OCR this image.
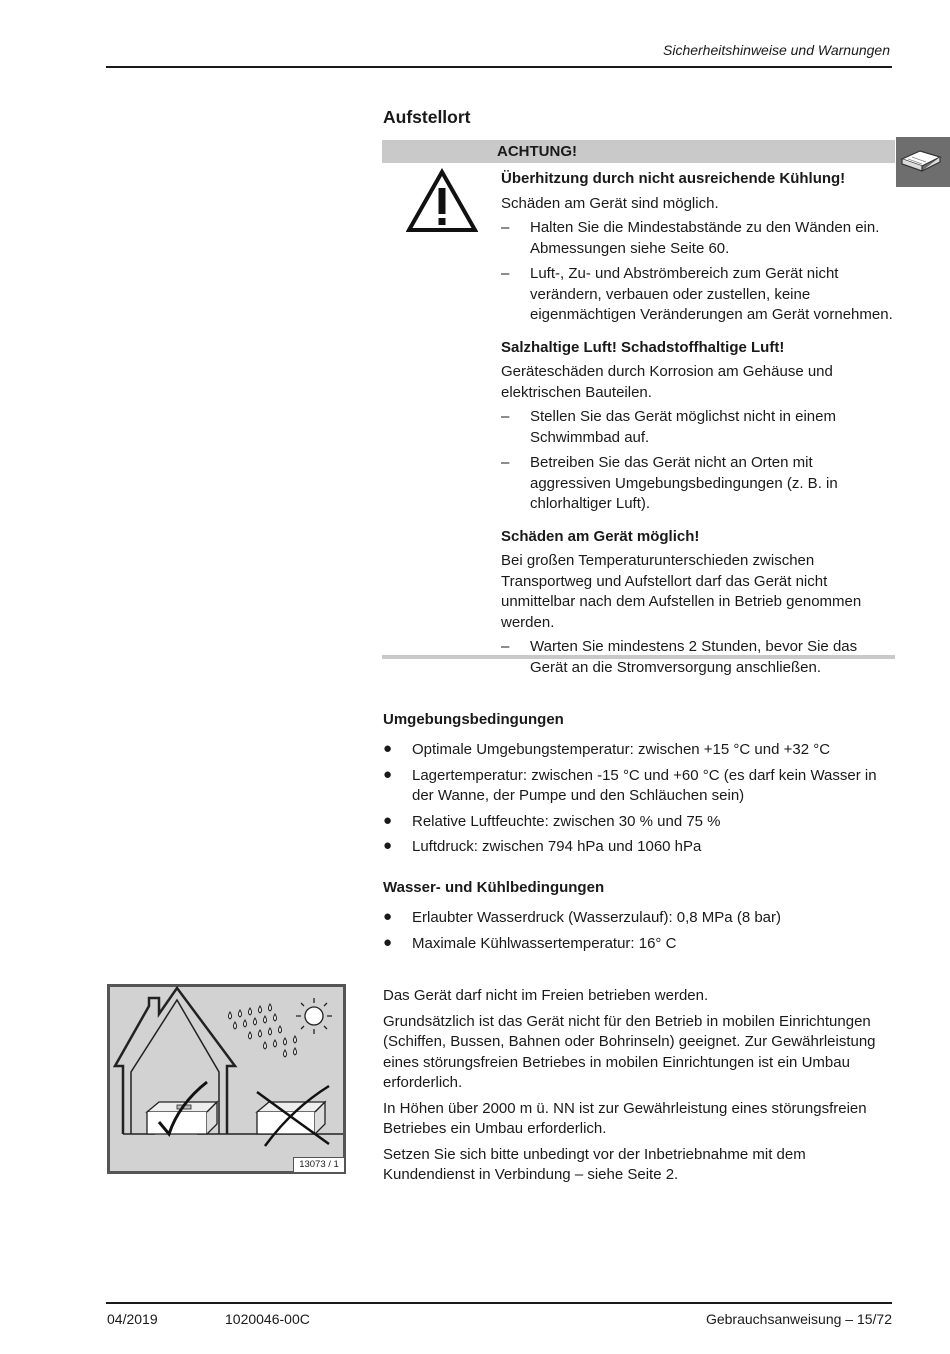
Sicherheitshinweise und Warnungen
Aufstellort
ACHTUNG!
Überhitzung durch nicht ausreichende Kühlung!
Schäden am Gerät sind möglich.
– Halten Sie die Mindestabstände zu den Wänden ein. Abmessungen siehe Seite 60.
– Luft-, Zu- und Abströmbereich zum Gerät nicht verändern, verbauen oder zustellen, keine eigenmächtigen Veränderungen am Gerät vornehmen.
Salzhaltige Luft! Schadstoffhaltige Luft!
Geräteschäden durch Korrosion am Gehäuse und elektrischen Bauteilen.
– Stellen Sie das Gerät möglichst nicht in einem Schwimmbad auf.
– Betreiben Sie das Gerät nicht an Orten mit aggressiven Umgebungsbedingungen (z. B. in chlorhaltiger Luft).
Schäden am Gerät möglich!
Bei großen Temperaturunterschieden zwischen Transportweg und Aufstellort darf das Gerät nicht unmittelbar nach dem Aufstellen in Betrieb genommen werden.
– Warten Sie mindestens 2 Stunden, bevor Sie das Gerät an die Stromversorgung anschließen.
Umgebungsbedingungen
● Optimale Umgebungstemperatur: zwischen +15 °C und +32 °C
● Lagertemperatur: zwischen -15 °C und +60 °C (es darf kein Wasser in der Wanne, der Pumpe und den Schläuchen sein)
● Relative Luftfeuchte: zwischen 30 % und 75 %
● Luftdruck: zwischen 794 hPa und 1060 hPa
Wasser- und Kühlbedingungen
● Erlaubter Wasserdruck (Wasserzulauf): 0,8 MPa (8 bar)
● Maximale Kühlwassertemperatur: 16° C
13073 / 1

Das Gerät darf nicht im Freien betrieben werden.

Grundsätzlich ist das Gerät nicht für den Betrieb in mobilen Einrichtungen (Schiffen, Bussen, Bahnen oder Bohrinseln) geeignet. Zur Gewährleistung eines störungsfreien Betriebes in mobilen Einrichtungen ist ein Umbau erforderlich.

In Höhen über 2000 m ü. NN ist zur Gewährleistung eines störungsfreien Betriebes ein Umbau erforderlich.

Setzen Sie sich bitte unbedingt vor der Inbetriebnahme mit dem Kundendienst in Verbindung – siehe Seite 2.

04/2019	1020046-00C	Gebrauchsanweisung – 15/72
